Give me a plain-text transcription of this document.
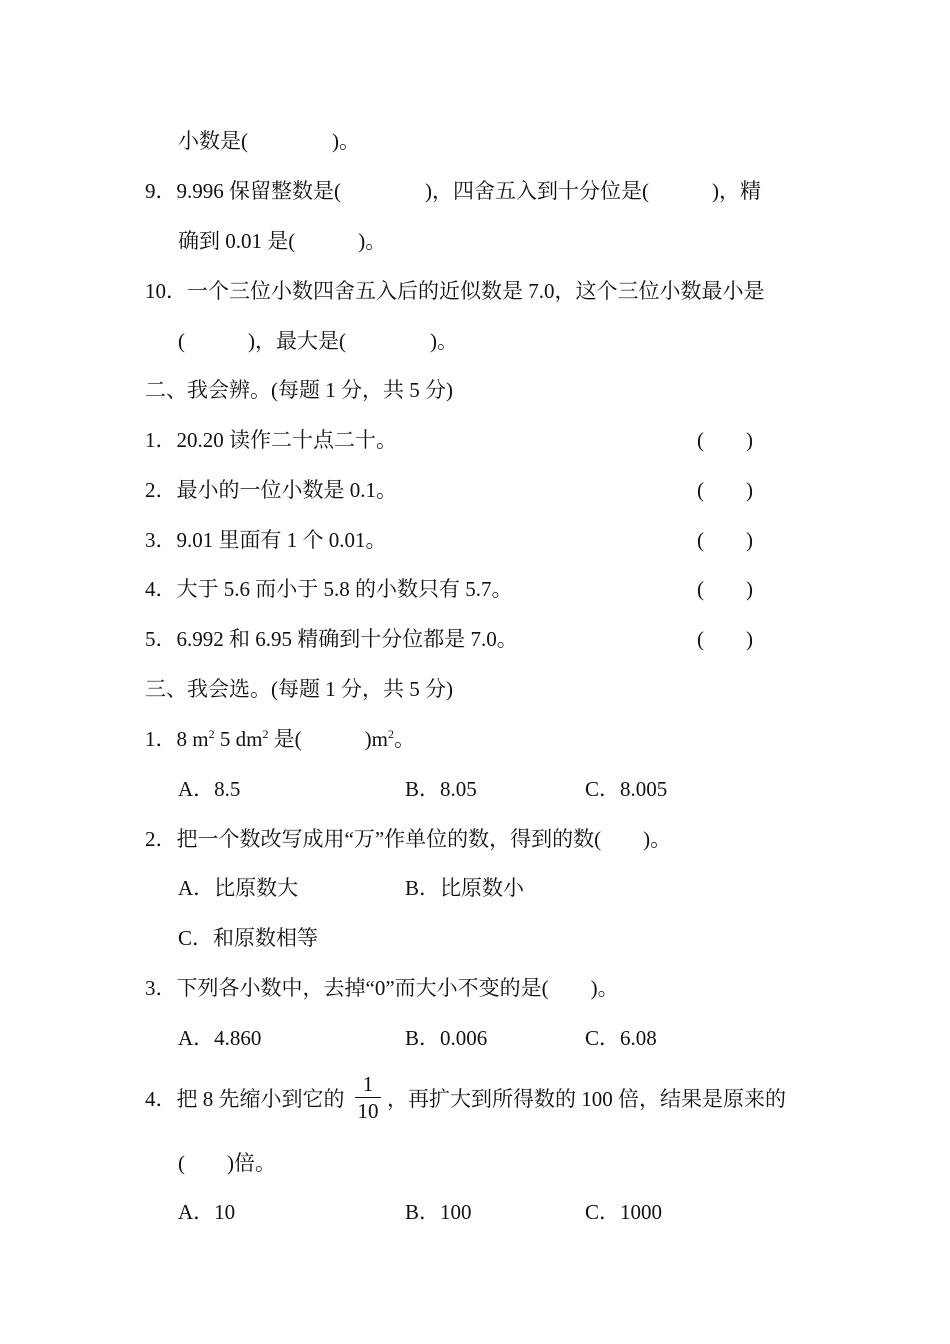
小数是(　　　　)。
9．9.996 保留整数是(　　　　)，四舍五入到十分位是(　　　)，精
确到 0.01 是(　　　)。
10．一个三位小数四舍五入后的近似数是 7.0，这个三位小数最小是
(　　　)，最大是(　　　　)。
二、我会辨。(每题 1 分，共 5 分)
1．20.20 读作二十点二十。	(　　)
2．最小的一位小数是 0.1。	(　　)
3．9.01 里面有 1 个 0.01。	(　　)
4．大于 5.6 而小于 5.8 的小数只有 5.7。	(　　)
5．6.992 和 6.95 精确到十分位都是 7.0。	(　　)
三、我会选。(每题 1 分，共 5 分)
1．8 $m^2$ 5 $dm^2$ 是(　　　)$m^2$。
A．8.5	B．8.05	C．8.005
2．把一个数改写成用“万”作单位的数，得到的数(　　)。
A．比原数大	B．比原数小
C．和原数相等
3．下列各小数中，去掉“0”而大小不变的是(　　)。
A．4.860	B．0.006	C．6.08
4．把 8 先缩小到它的
1
10 ，再扩大到所得数的 100 倍，结果是原来的
(　　)倍。
A．10	B．100	C．1000
